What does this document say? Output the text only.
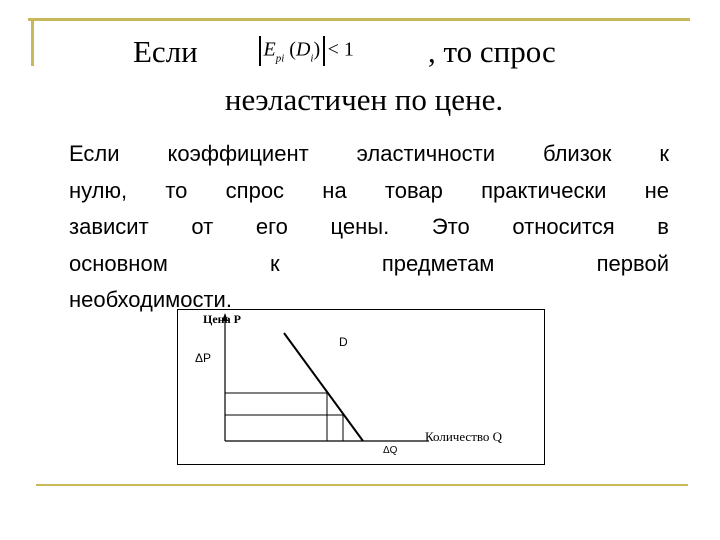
Если	$E_{pi}$ $(D_i) < 1$ , то спрос
неэластичен по цене.
Если коэффициент эластичности близок к
нулю, то спрос на товар практически не
зависит от его цены. Это относится в
основном к предметам первой
необходимости.
Цена P
D
ΔP
ΔQ
Количество Q
